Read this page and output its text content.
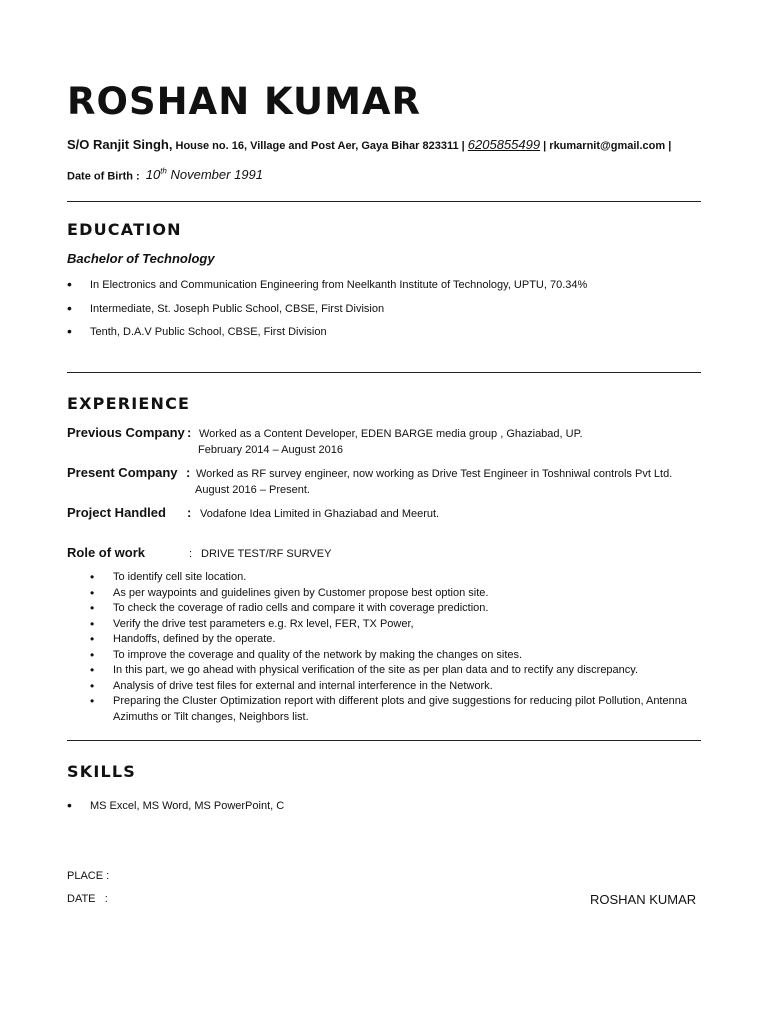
ROSHAN KUMAR
S/O Ranjit Singh, House no. 16, Village and Post Aer, Gaya Bihar 823311 | 6205855499 | rkumarnit@gmail.com |
Date of Birth : 10th November 1991
EDUCATION
Bachelor of Technology
• In Electronics and Communication Engineering from Neelkanth Institute of Technology, UPTU, 70.34%
• Intermediate, St. Joseph Public School, CBSE, First Division
• Tenth, D.A.V Public School, CBSE, First Division
EXPERIENCE
Previous Company : Worked as a Content Developer, EDEN BARGE media group , Ghaziabad, UP.
February 2014 – August 2016
Present Company : Worked as RF survey engineer, now working as Drive Test Engineer in Toshniwal controls Pvt Ltd.
August 2016 – Present.
Project Handled : Vodafone Idea Limited in Ghaziabad and Meerut.
Role of work	: DRIVE TEST/RF SURVEY
• To identify cell site location.
• As per waypoints and guidelines given by Customer propose best option site.
• To check the coverage of radio cells and compare it with coverage prediction.
• Verify the drive test parameters e.g. Rx level, FER, TX Power,
• Handoffs, defined by the operate.
• To improve the coverage and quality of the network by making the changes on sites.
• In this part, we go ahead with physical verification of the site as per plan data and to rectify any discrepancy.
• Analysis of drive test files for external and internal interference in the Network.
• Preparing the Cluster Optimization report with different plots and give suggestions for reducing pilot Pollution, Antenna Azimuths or Tilt changes, Neighbors list.
SKILLS
• MS Excel, MS Word, MS PowerPoint, C
PLACE :
DATE   :	ROSHAN KUMAR
